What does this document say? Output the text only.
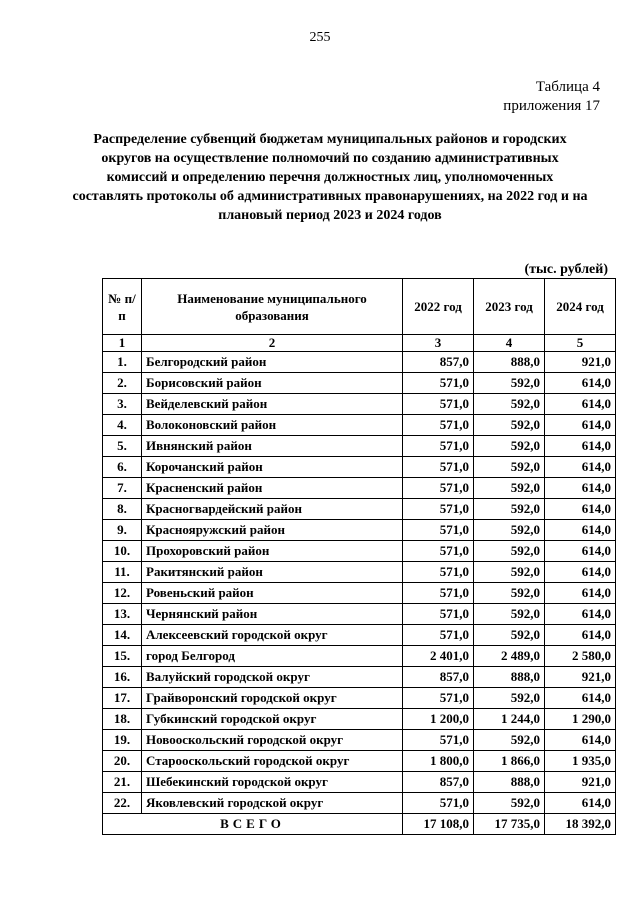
255
Таблица 4
приложения 17
Распределение субвенций бюджетам муниципальных районов и городских округов на осуществление полномочий по созданию административных комиссий и определению перечня должностных лиц, уполномоченных составлять протоколы об административных правонарушениях, на 2022 год и на плановый период 2023 и 2024 годов
(тыс. рублей)
№ п/п	Наименование муниципального образования	2022 год	2023 год	2024 год
1	2	3	4	5
1.	Белгородский район	857,0	888,0	921,0
2.	Борисовский район	571,0	592,0	614,0
3.	Вейделевский район	571,0	592,0	614,0
4.	Волоконовский район	571,0	592,0	614,0
5.	Ивнянский район	571,0	592,0	614,0
6.	Корочанский район	571,0	592,0	614,0
7.	Красненский район	571,0	592,0	614,0
8.	Красногвардейский район	571,0	592,0	614,0
9.	Краснояружский район	571,0	592,0	614,0
10.	Прохоровский район	571,0	592,0	614,0
11.	Ракитянский район	571,0	592,0	614,0
12.	Ровеньский район	571,0	592,0	614,0
13.	Чернянский район	571,0	592,0	614,0
14.	Алексеевский городской округ	571,0	592,0	614,0
15.	город Белгород	2 401,0	2 489,0	2 580,0
16.	Валуйский городской округ	857,0	888,0	921,0
17.	Грайворонский городской округ	571,0	592,0	614,0
18.	Губкинский городской округ	1 200,0	1 244,0	1 290,0
19.	Новооскольский городской округ	571,0	592,0	614,0
20.	Старооскольский городской округ	1 800,0	1 866,0	1 935,0
21.	Шебекинский городской округ	857,0	888,0	921,0
22.	Яковлевский городской округ	571,0	592,0	614,0
ВСЕГО		17 108,0	17 735,0	18 392,0
